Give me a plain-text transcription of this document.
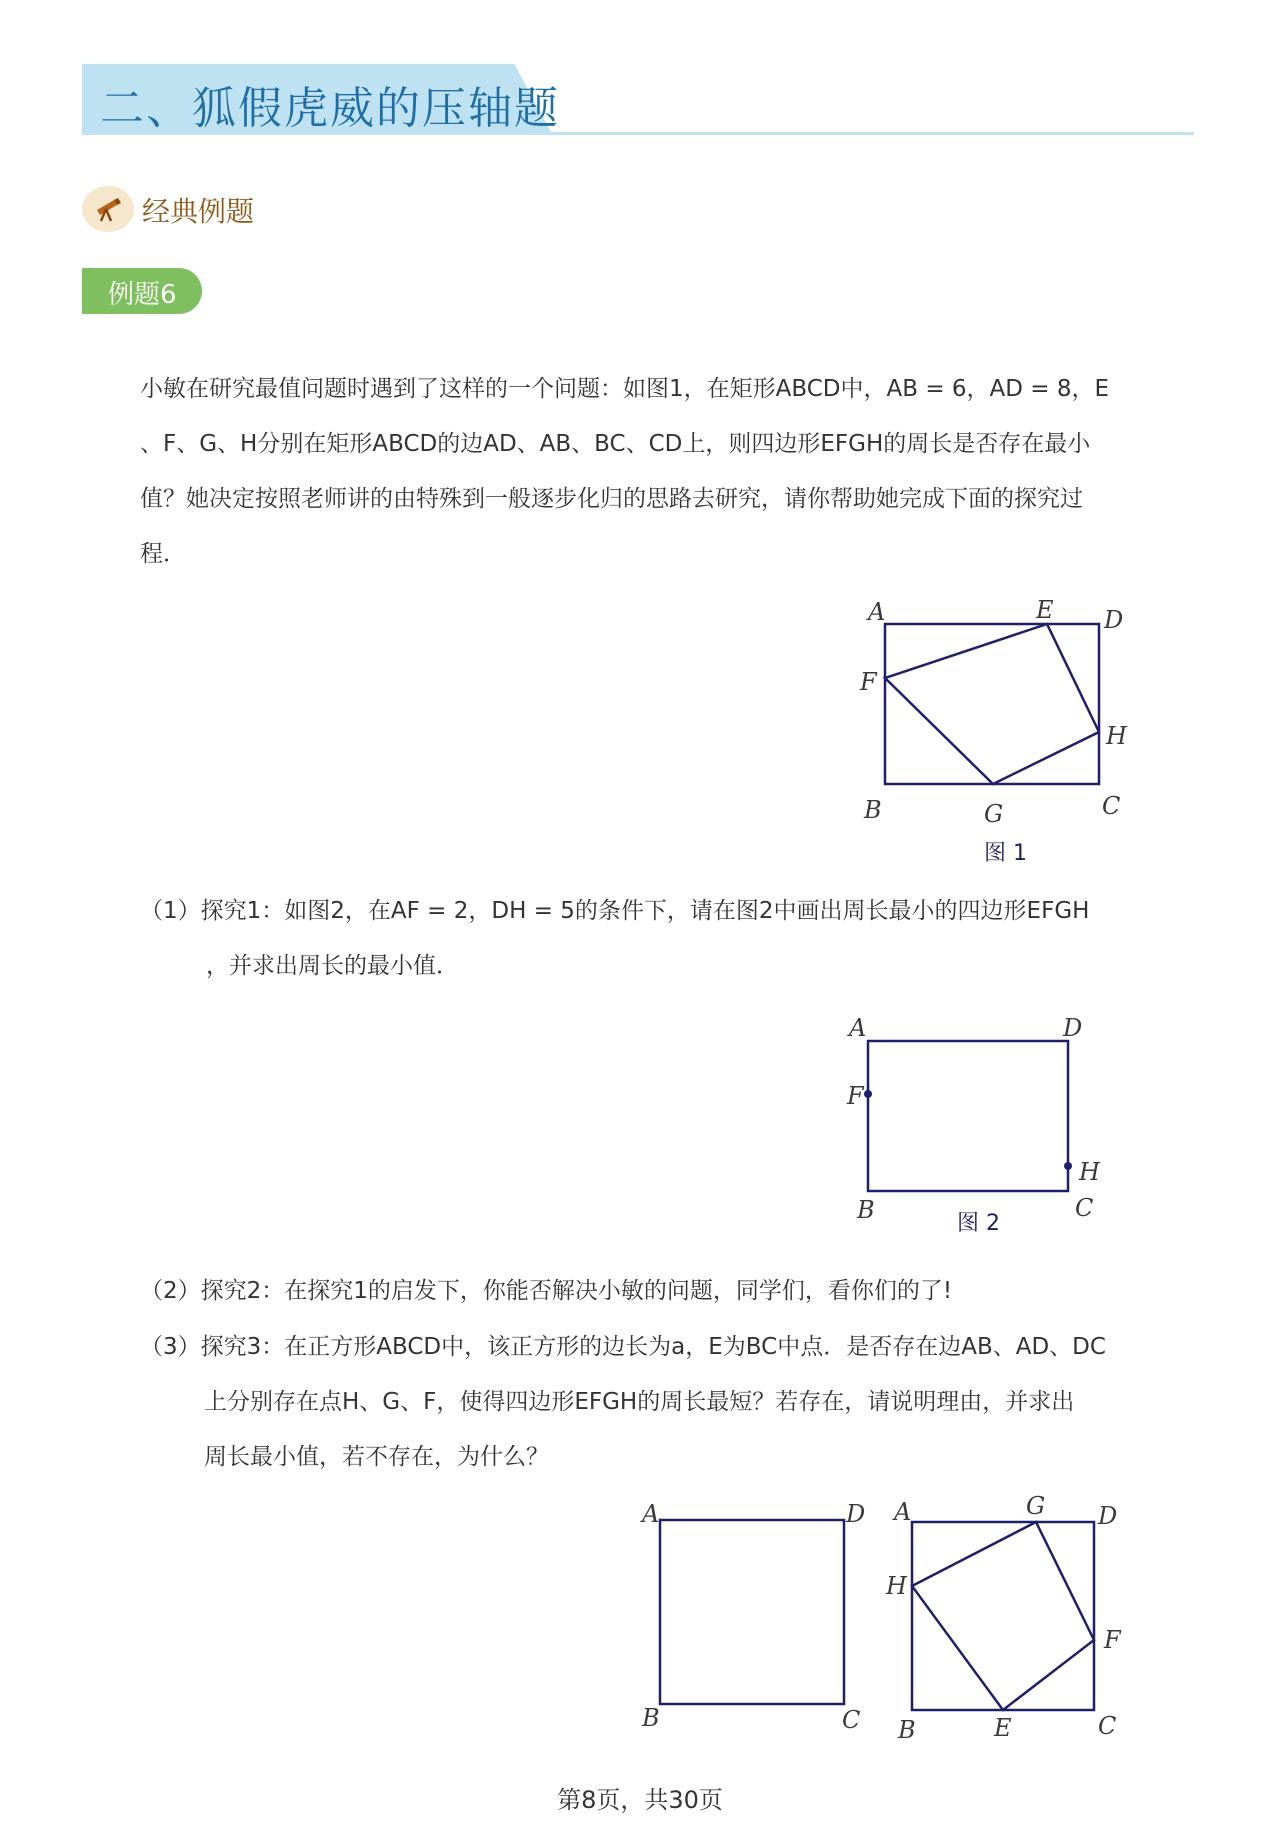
二、狐假虎威的压轴题
经典例题
例题6
小敏在研究最值问题时遇到了这样的一个问题：如图1，在矩形ABCD中，AB = 6，AD = 8，E
、F、G、H分别在矩形ABCD的边AD、AB、BC、CD上，则四边形EFGH的周长是否存在最小
值？她决定按照老师讲的由特殊到一般逐步化归的思路去研究，请你帮助她完成下面的探究过
程．
A	E D
F
H
B	G	C
图 1
（1）探究1：如图2，在AF = 2，DH = 5的条件下，请在图2中画出周长最小的四边形EFGH
，并求出周长的最小值．
A	D
F
H
B	C
图 2
（2）探究2：在探究1的启发下，你能否解决小敏的问题，同学们，看你们的了!
（3）探究3：在正方形ABCD中，该正方形的边长为a，E为BC中点．是否存在边AB、AD、DC
上分别存在点H、G、F，使得四边形EFGH的周长最短？若存在，请说明理由，并求出
周长最小值，若不存在，为什么？
A	D
B	C
A	G D
H
F
B	E	C
第8页，共30页
